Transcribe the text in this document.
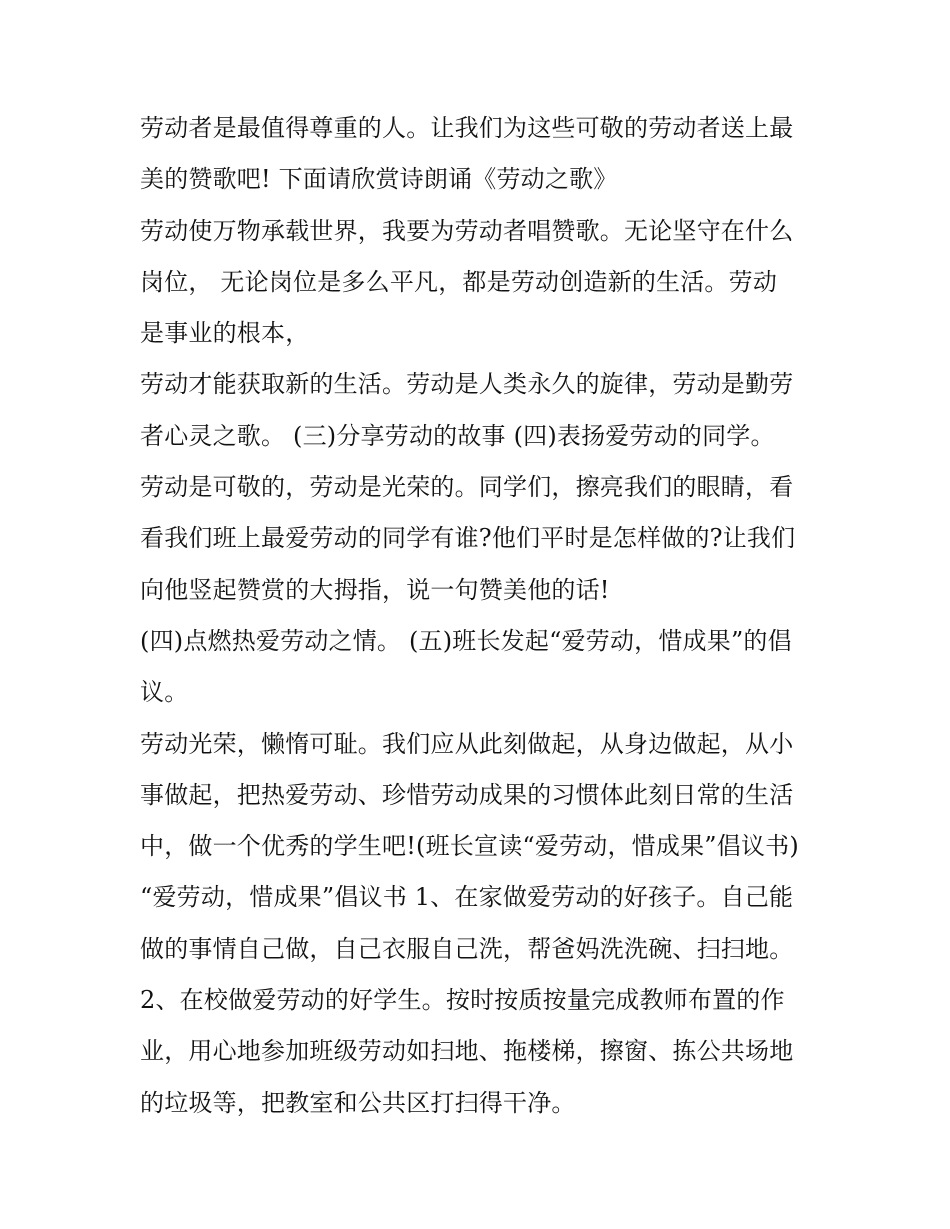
劳动者是最值得尊重的人。让我们为这些可敬的劳动者送上最
美的赞歌吧! 下面请欣赏诗朗诵《劳动之歌》
劳动使万物承载世界，我要为劳动者唱赞歌。无论坚守在什么
岗位， 无论岗位是多么平凡，都是劳动创造新的生活。劳动
是事业的根本，
劳动才能获取新的生活。劳动是人类永久的旋律，劳动是勤劳
者心灵之歌。 (三)分享劳动的故事 (四)表扬爱劳动的同学。
劳动是可敬的，劳动是光荣的。同学们，擦亮我们的眼睛，看
看我们班上最爱劳动的同学有谁?他们平时是怎样做的?让我们
向他竖起赞赏的大拇指，说一句赞美他的话!
(四)点燃热爱劳动之情。 (五)班长发起“爱劳动，惜成果”的倡
议。
劳动光荣，懒惰可耻。我们应从此刻做起，从身边做起，从小
事做起，把热爱劳动、珍惜劳动成果的习惯体此刻日常的生活
中，做一个优秀的学生吧!(班长宣读“爱劳动，惜成果”倡议书)
“爱劳动，惜成果”倡议书 1、在家做爱劳动的好孩子。自己能
做的事情自己做，自己衣服自己洗，帮爸妈洗洗碗、扫扫地。
2、在校做爱劳动的好学生。按时按质按量完成教师布置的作
业，用心地参加班级劳动如扫地、拖楼梯，擦窗、拣公共场地
的垃圾等，把教室和公共区打扫得干净。
